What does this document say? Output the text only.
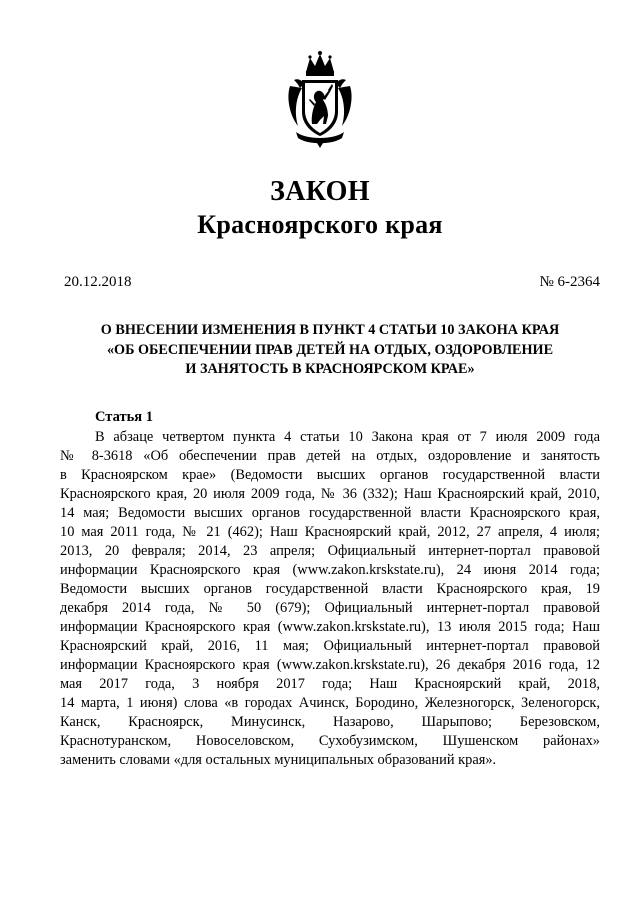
ЗАКОН
Красноярского края
20.12.2018	№ 6-2364
О ВНЕСЕНИИ ИЗМЕНЕНИЯ В ПУНКТ 4 СТАТЬИ 10 ЗАКОНА КРАЯ
«ОБ ОБЕСПЕЧЕНИИ ПРАВ ДЕТЕЙ НА ОТДЫХ, ОЗДОРОВЛЕНИЕ
И ЗАНЯТОСТЬ В КРАСНОЯРСКОМ КРАЕ»
Статья 1
В абзаце четвертом пункта 4 статьи 10 Закона края от 7 июля 2009 года
№ 8-3618 «Об обеспечении прав детей на отдых, оздоровление и занятость
в Красноярском крае» (Ведомости высших органов государственной власти
Красноярского края, 20 июля 2009 года, № 36 (332); Наш Красноярский край, 2010,
14 мая; Ведомости высших органов государственной власти Красноярского края,
10 мая 2011 года, № 21 (462); Наш Красноярский край, 2012, 27 апреля, 4 июля;
2013, 20 февраля; 2014, 23 апреля; Официальный интернет-портал правовой
информации Красноярского края (www.zakon.krskstate.ru), 24 июня 2014 года;
Ведомости высших органов государственной власти Красноярского края, 19
декабря 2014 года, № 50 (679); Официальный интернет-портал правовой
информации Красноярского края (www.zakon.krskstate.ru), 13 июля 2015 года; Наш
Красноярский край, 2016, 11 мая; Официальный интернет-портал правовой
информации Красноярского края (www.zakon.krskstate.ru), 26 декабря 2016 года, 12
мая 2017 года, 3 ноября 2017 года; Наш Красноярский край, 2018,
14 марта, 1 июня) слова «в городах Ачинск, Бородино, Железногорск, Зеленогорск,
Канск, Красноярск, Минусинск, Назарово, Шарыпово; Березовском,
Краснотуранском, Новоселовском, Сухобузимском, Шушенском районах»
заменить словами «для остальных муниципальных образований края».
